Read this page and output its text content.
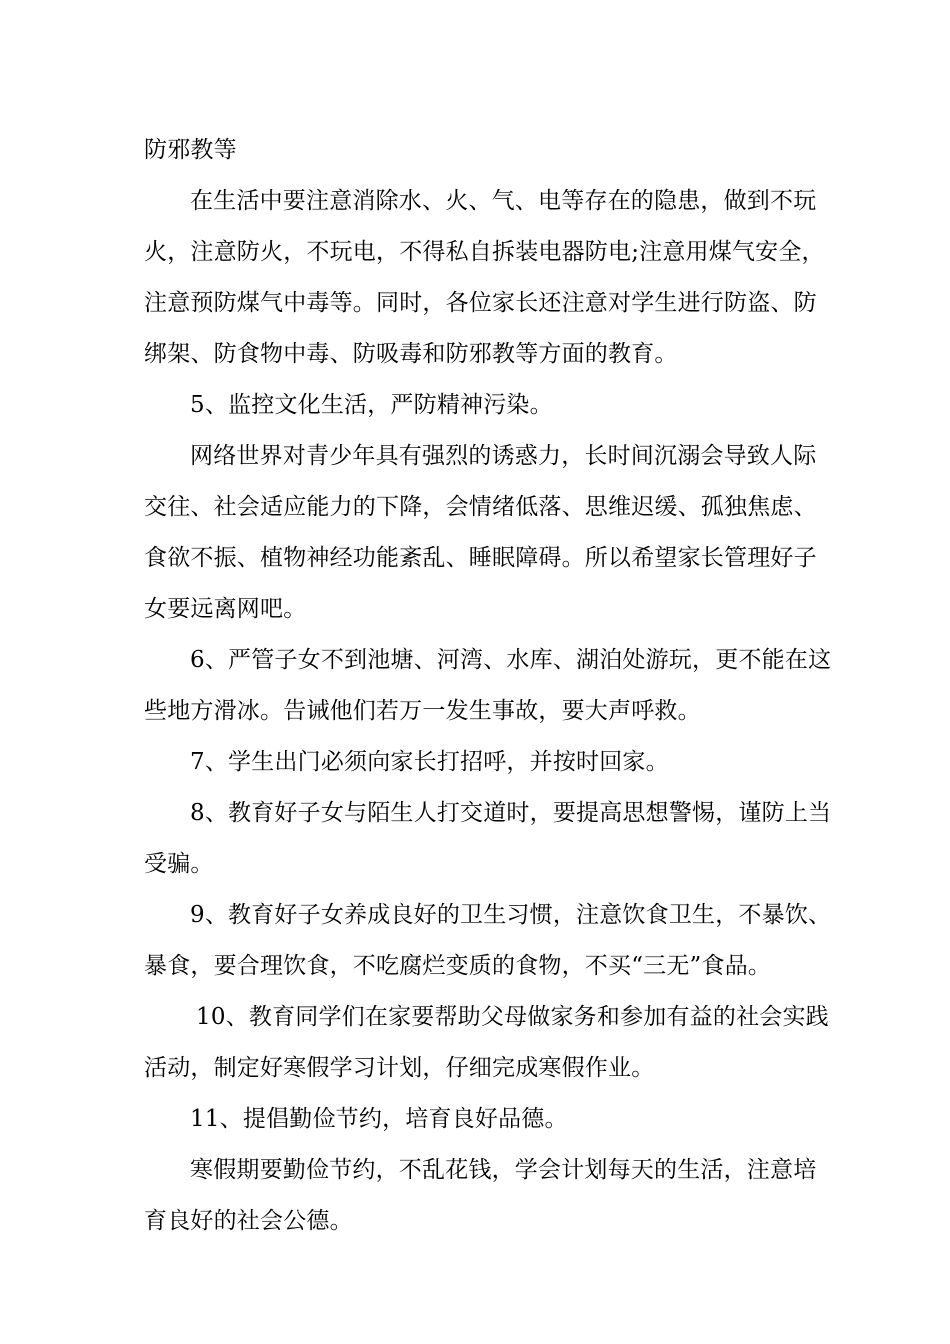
防邪教等
在生活中要注意消除水、火、气、电等存在的隐患，做到不玩
火，注意防火，不玩电，不得私自拆装电器防电;注意用煤气安全，
注意预防煤气中毒等。同时，各位家长还注意对学生进行防盗、防
绑架、防食物中毒、防吸毒和防邪教等方面的教育。
5、监控文化生活，严防精神污染。
网络世界对青少年具有强烈的诱惑力，长时间沉溺会导致人际
交往、社会适应能力的下降，会情绪低落、思维迟缓、孤独焦虑、
食欲不振、植物神经功能紊乱、睡眠障碍。所以希望家长管理好子
女要远离网吧。
6、严管子女不到池塘、河湾、水库、湖泊处游玩，更不能在这
些地方滑冰。告诫他们若万一发生事故，要大声呼救。
7、学生出门必须向家长打招呼，并按时回家。
8、教育好子女与陌生人打交道时，要提高思想警惕，谨防上当
受骗。
9、教育好子女养成良好的卫生习惯，注意饮食卫生，不暴饮、
暴食，要合理饮食，不吃腐烂变质的食物，不买“三无”食品。
10、教育同学们在家要帮助父母做家务和参加有益的社会实践
活动，制定好寒假学习计划，仔细完成寒假作业。
11、提倡勤俭节约，培育良好品德。
寒假期要勤俭节约，不乱花钱，学会计划每天的生活，注意培
育良好的社会公德。
